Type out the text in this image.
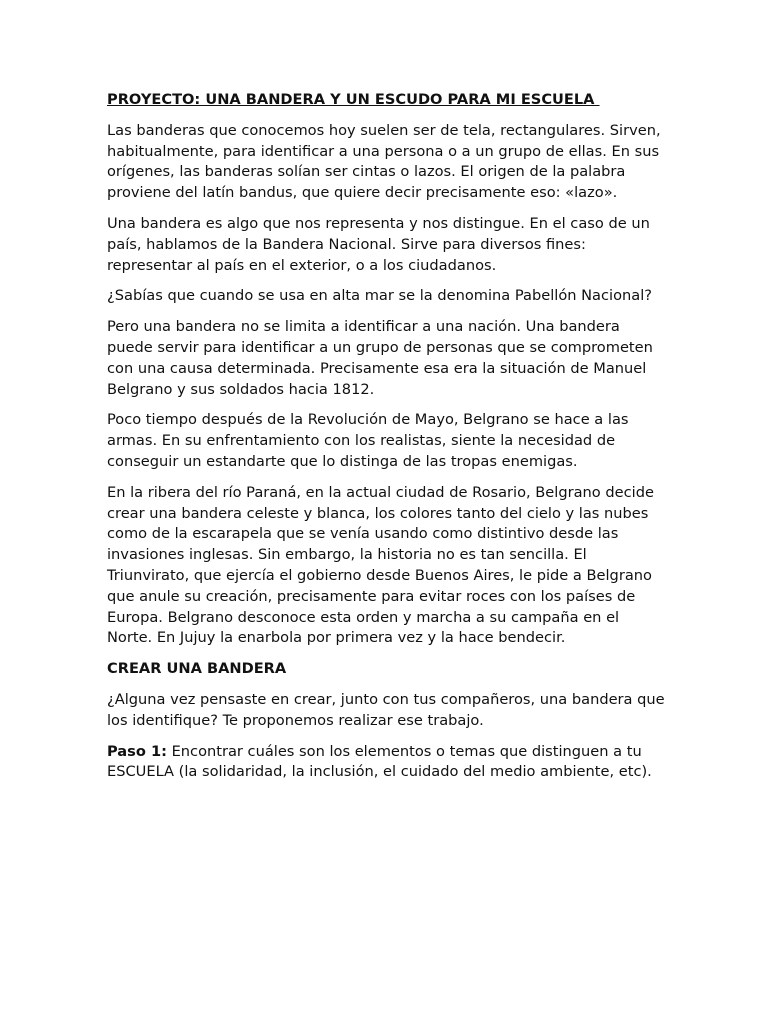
PROYECTO: UNA BANDERA Y UN ESCUDO PARA MI ESCUELA

Las banderas que conocemos hoy suelen ser de tela, rectangulares. Sirven, habitualmente, para identificar a una persona o a un grupo de ellas. En sus orígenes, las banderas solían ser cintas o lazos. El origen de la palabra proviene del latín bandus, que quiere decir precisamente eso: «lazo».

Una bandera es algo que nos representa y nos distingue. En el caso de un país, hablamos de la Bandera Nacional. Sirve para diversos fines: representar al país en el exterior, o a los ciudadanos.

¿Sabías que cuando se usa en alta mar se la denomina Pabellón Nacional?

Pero una bandera no se limita a identificar a una nación. Una bandera puede servir para identificar a un grupo de personas que se comprometen con una causa determinada. Precisamente esa era la situación de Manuel Belgrano y sus soldados hacia 1812.

Poco tiempo después de la Revolución de Mayo, Belgrano se hace a las armas. En su enfrentamiento con los realistas, siente la necesidad de conseguir un estandarte que lo distinga de las tropas enemigas.

En la ribera del río Paraná, en la actual ciudad de Rosario, Belgrano decide crear una bandera celeste y blanca, los colores tanto del cielo y las nubes como de la escarapela que se venía usando como distintivo desde las invasiones inglesas. Sin embargo, la historia no es tan sencilla. El Triunvirato, que ejercía el gobierno desde Buenos Aires, le pide a Belgrano que anule su creación, precisamente para evitar roces con los países de Europa. Belgrano desconoce esta orden y marcha a su campaña en el Norte. En Jujuy la enarbola por primera vez y la hace bendecir.

CREAR UNA BANDERA

¿Alguna vez pensaste en crear, junto con tus compañeros, una bandera que los identifique? Te proponemos realizar ese trabajo.

Paso 1: Encontrar cuáles son los elementos o temas que distinguen a tu ESCUELA (la solidaridad, la inclusión, el cuidado del medio ambiente, etc).
